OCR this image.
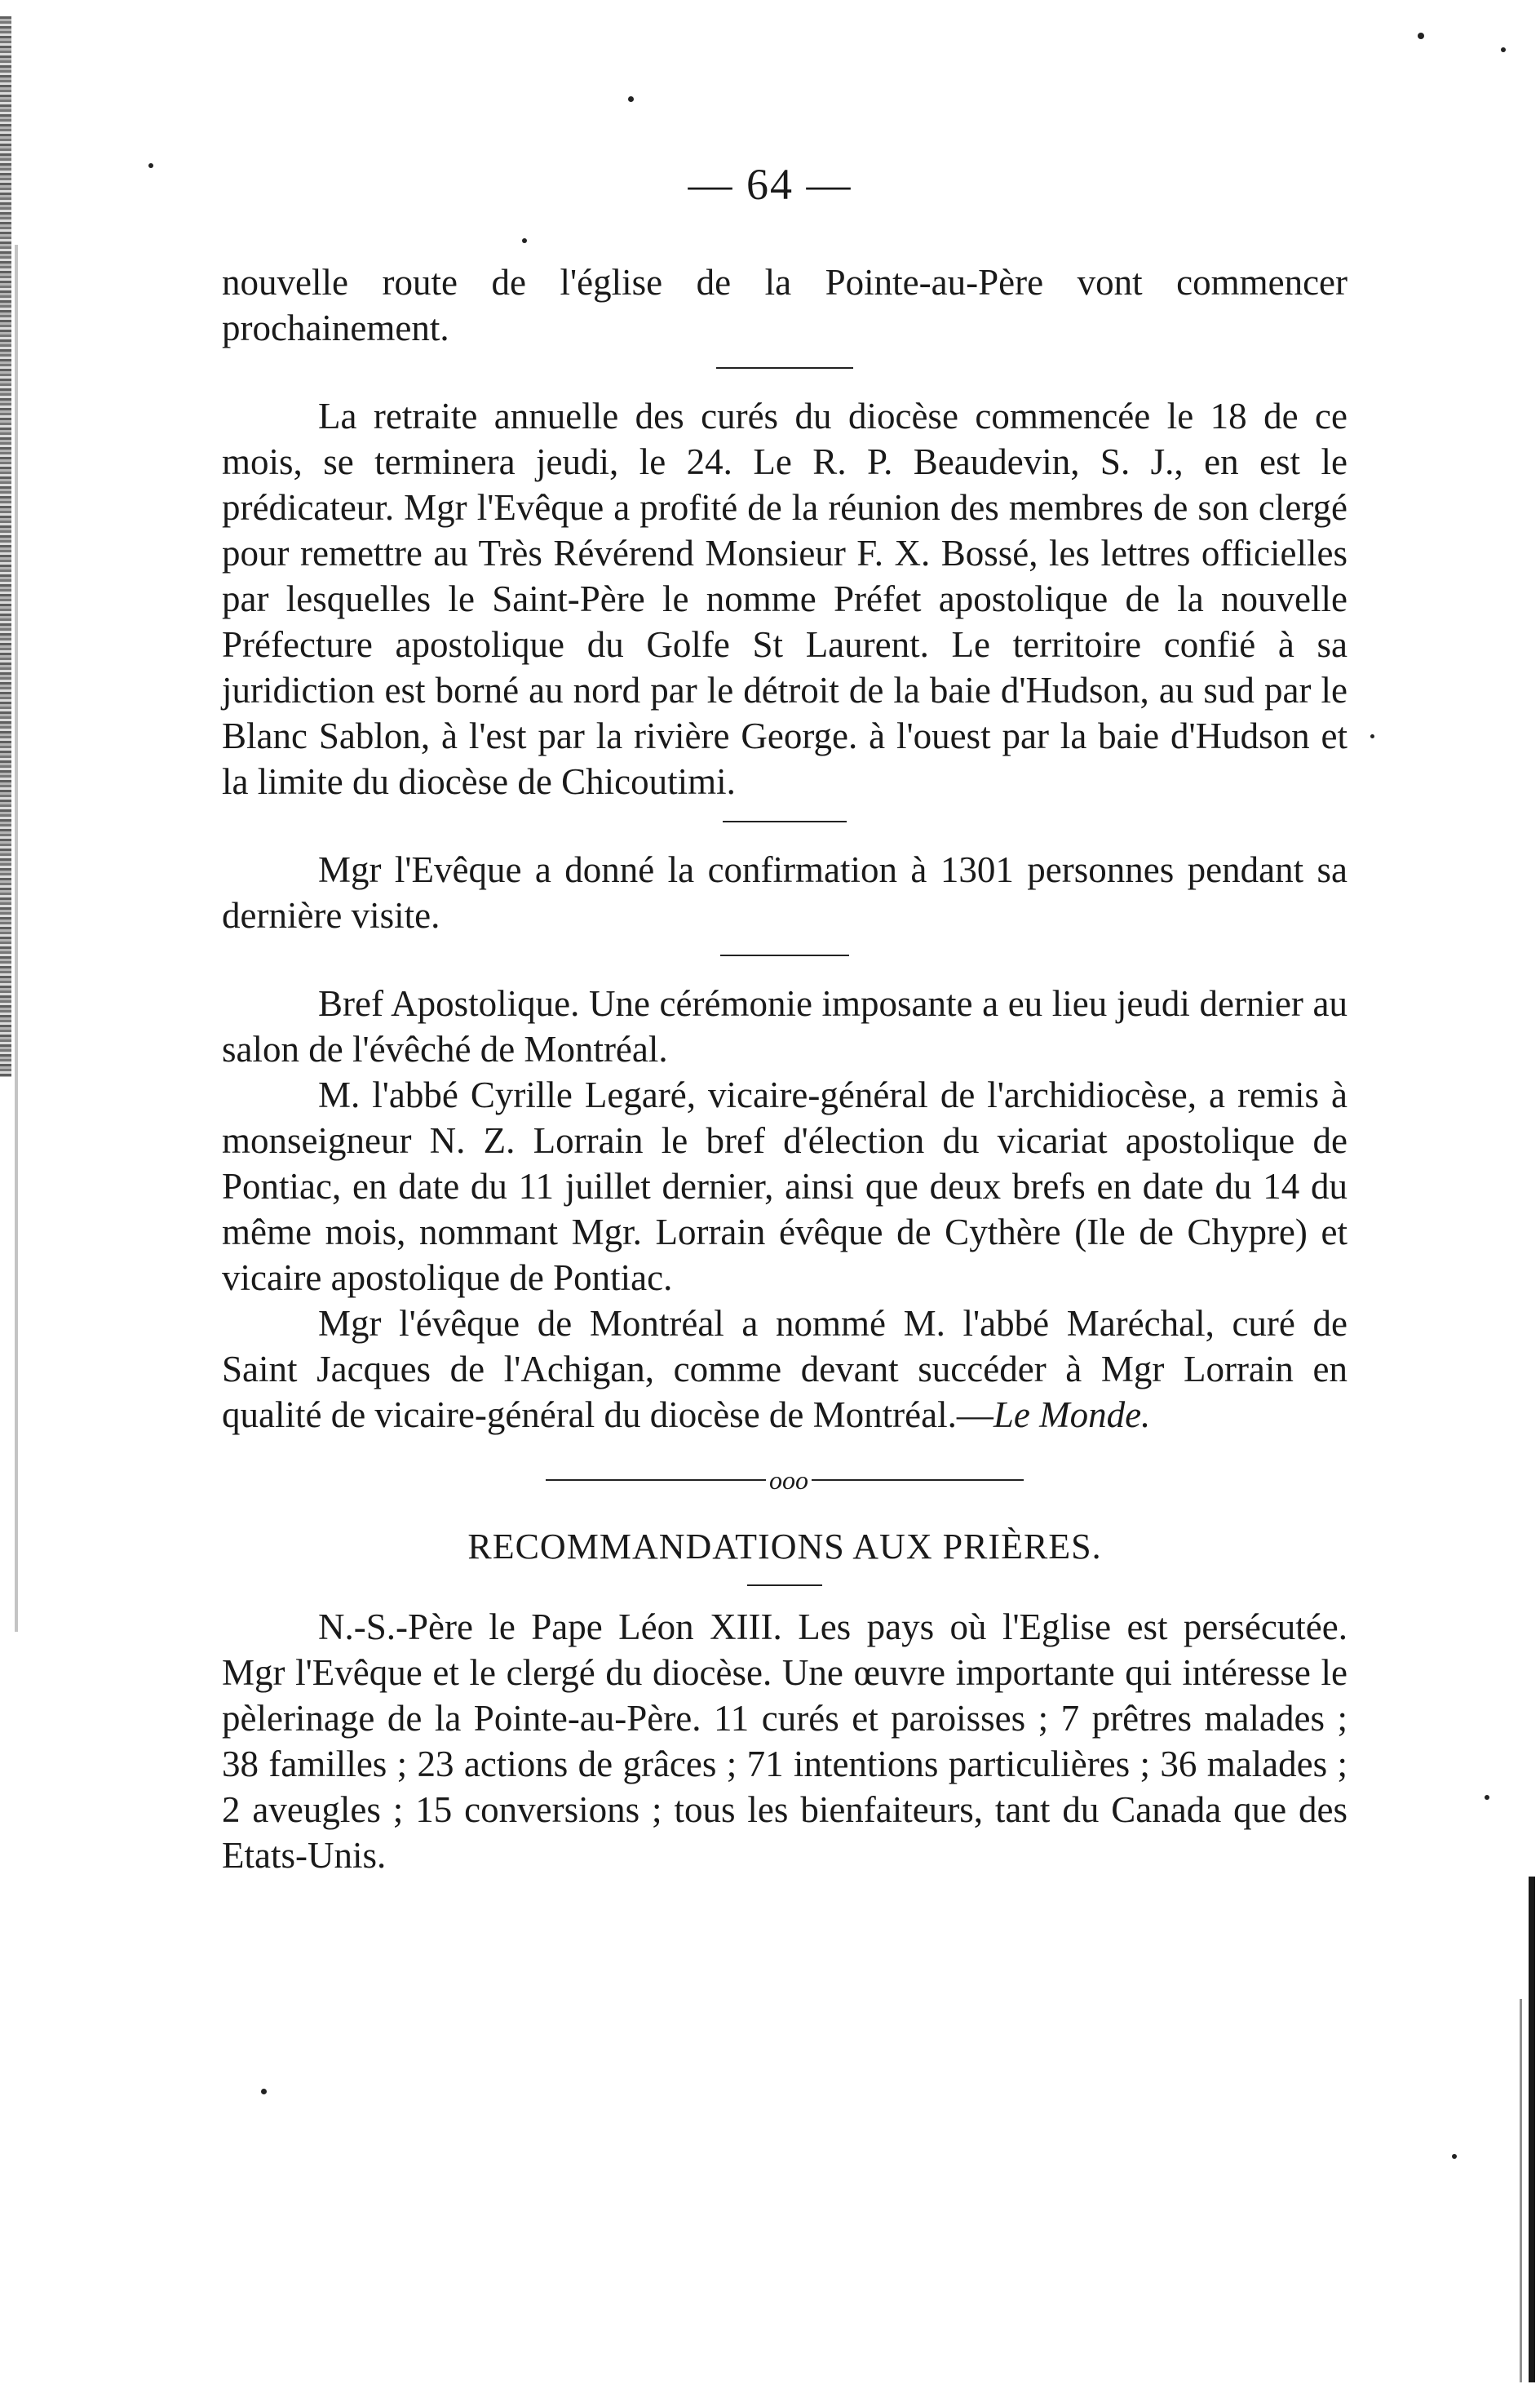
— 64 —

nouvelle route de l'église de la Pointe-au-Père vont commencer prochainement.

La retraite annuelle des curés du diocèse commencée le 18 de ce mois, se terminera jeudi, le 24. Le R. P. Beaudevin, S. J., en est le prédicateur. Mgr l'Evêque a profité de la réunion des membres de son clergé pour remettre au Très Révérend Monsieur F. X. Bossé, les lettres officielles par lesquelles le Saint-Père le nomme Préfet apostolique de la nouvelle Préfecture apostolique du Golfe St Laurent. Le territoire confié à sa juridiction est borné au nord par le détroit de la baie d'Hudson, au sud par le Blanc Sablon, à l'est par la rivière George. à l'ouest par la baie d'Hudson et la limite du diocèse de Chicoutimi.

Mgr l'Evêque a donné la confirmation à 1301 personnes pendant sa dernière visite.

Bref Apostolique. Une cérémonie imposante a eu lieu jeudi dernier au salon de l'évêché de Montréal.

M. l'abbé Cyrille Legaré, vicaire-général de l'archidiocèse, a remis à monseigneur N. Z. Lorrain le bref d'élection du vicariat apostolique de Pontiac, en date du 11 juillet dernier, ainsi que deux brefs en date du 14 du même mois, nommant Mgr. Lorrain évêque de Cythère (Ile de Chypre) et vicaire apostolique de Pontiac.

Mgr l'évêque de Montréal a nommé M. l'abbé Maréchal, curé de Saint Jacques de l'Achigan, comme devant succéder à Mgr Lorrain en qualité de vicaire-général du diocèse de Montréal.—Le Monde.

ooo

RECOMMANDATIONS AUX PRIÈRES.

N.-S.-Père le Pape Léon XIII. Les pays où l'Eglise est persécutée. Mgr l'Evêque et le clergé du diocèse. Une œuvre importante qui intéresse le pèlerinage de la Pointe-au-Père. 11 curés et paroisses ; 7 prêtres malades ; 38 familles ; 23 actions de grâces ; 71 intentions particulières ; 36 malades ; 2 aveugles ; 15 conversions ; tous les bienfaiteurs, tant du Canada que des Etats-Unis.
